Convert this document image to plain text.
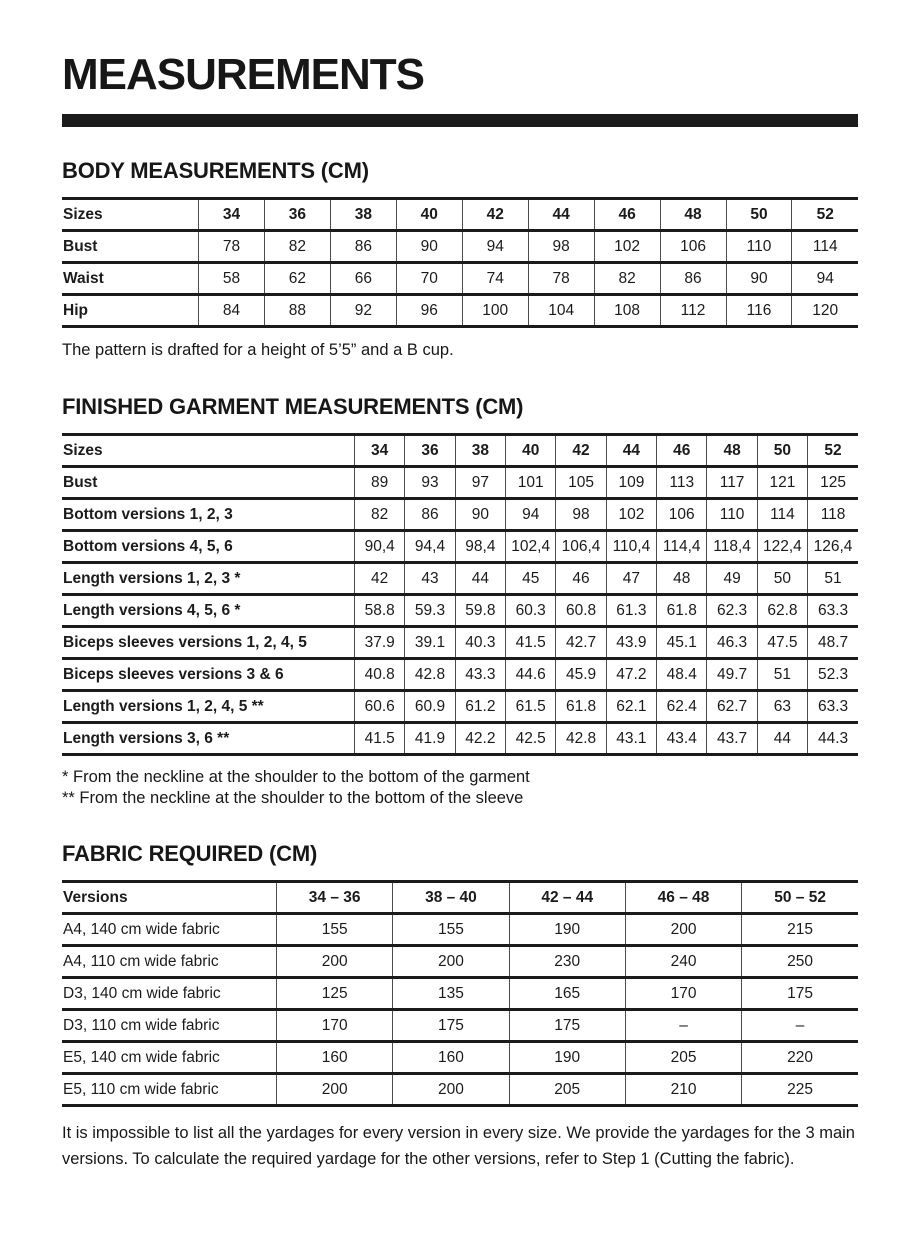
MEASUREMENTS
BODY MEASUREMENTS (CM)
Sizes	34	36	38	40	42	44	46	48	50	52
Bust	78	82	86	90	94	98	102	106	110	114
Waist	58	62	66	70	74	78	82	86	90	94
Hip	84	88	92	96	100	104	108	112	116	120

The pattern is drafted for a height of 5’5” and a B cup.

FINISHED GARMENT MEASUREMENTS (CM)
Sizes	34	36	38	40	42	44	46	48	50	52
Bust	89	93	97	101	105	109	113	117	121	125
Bottom versions 1, 2, 3	82	86	90	94	98	102	106	110	114	118
Bottom versions 4, 5, 6	90,4	94,4	98,4	102,4	106,4	110,4	114,4	118,4	122,4	126,4
Length versions 1, 2, 3 *	42	43	44	45	46	47	48	49	50	51
Length versions 4, 5, 6 *	58.8	59.3	59.8	60.3	60.8	61.3	61.8	62.3	62.8	63.3
Biceps sleeves versions 1, 2, 4, 5	37.9	39.1	40.3	41.5	42.7	43.9	45.1	46.3	47.5	48.7
Biceps sleeves versions 3 & 6	40.8	42.8	43.3	44.6	45.9	47.2	48.4	49.7	51	52.3
Length versions 1, 2, 4, 5 **	60.6	60.9	61.2	61.5	61.8	62.1	62.4	62.7	63	63.3
Length versions 3, 6 **	41.5	41.9	42.2	42.5	42.8	43.1	43.4	43.7	44	44.3

* From the neckline at the shoulder to the bottom of the garment

** From the neckline at the shoulder to the bottom of the sleeve

FABRIC REQUIRED (CM)
Versions	34 – 36	38 – 40	42 – 44	46 – 48	50 – 52
A4, 140 cm wide fabric	155	155	190	200	215
A4, 110 cm wide fabric	200	200	230	240	250
D3, 140 cm wide fabric	125	135	165	170	175
D3, 110 cm wide fabric	170	175	175	–	–
E5, 140 cm wide fabric	160	160	190	205	220
E5, 110 cm wide fabric	200	200	205	210	225

It is impossible to list all the yardages for every version in every size. We provide the yardages for the 3 main versions. To calculate the required yardage for the other versions, refer to Step 1 (Cutting the fabric).
